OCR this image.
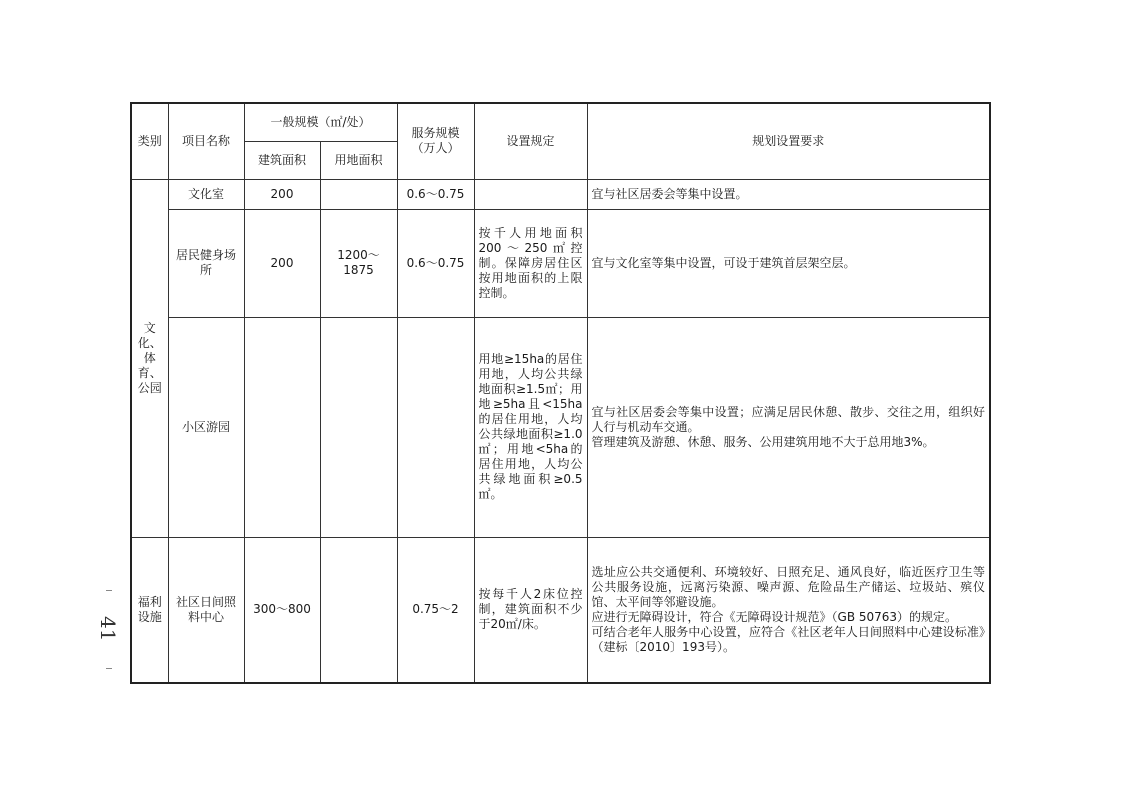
41
类别	项目名称	一般规模（㎡/处）		服务规模（万人）	设置规定	规划设置要求
		建筑面积	用地面积			
文化、体育、公园	文化室	200		0.6～0.75		宜与社区居委会等集中设置。

	居民健身场所	200	1200～1875	0.6～0.75	按千人用地面积200～250㎡控制。保障房居住区按用地面积的上限控制。	宜与文化室等集中设置，可设于建筑首层架空层。

	小区游园				用地≥15ha的居住用地，人均公共绿地面积≥1.5㎡；用地≥5ha且<15ha的居住用地，人均公共绿地面积≥1.0㎡；用地<5ha的居住用地，人均公共绿地面积≥0.5㎡。	宜与社区居委会等集中设置；应满足居民休憩、散步、交往之用，组织好人行与机动车交通。
管理建筑及游憩、休憩、服务、公用建筑用地不大于总用地3%。

福利设施	社区日间照料中心	300～800		0.75～2	按每千人2床位控制，建筑面积不少于20㎡/床。	选址应公共交通便利、环境较好、日照充足、通风良好，临近医疗卫生等公共服务设施，远离污染源、噪声源、危险品生产储运、垃圾站、殡仪馆、太平间等邻避设施。
应进行无障碍设计，符合《无障碍设计规范》（GB 50763）的规定。
可结合老年人服务中心设置，应符合《社区老年人日间照料中心建设标准》（建标〔2010〕193号）。
